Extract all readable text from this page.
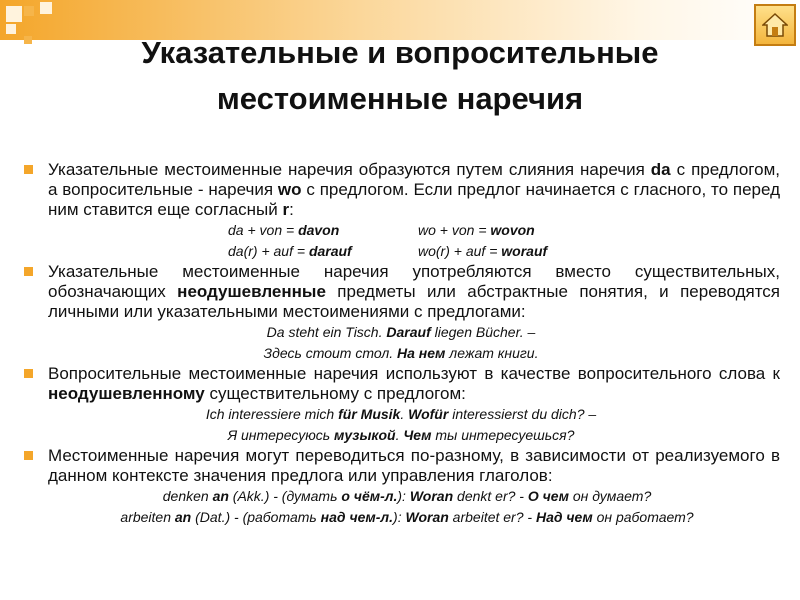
Указательные и вопросительные
местоименные наречия
Указательные местоименные наречия образуются путем слияния наречия da с предлогом, а вопросительные - наречия wo с предлогом. Если предлог начинается с гласного, то перед ним ставится еще согласный r:
da + von = davon	wo + von = wovon
da(r) + auf = darauf	wo(r) + auf = worauf
Указательные местоименные наречия употребляются вместо существительных, обозначающих неодушевленные предметы или абстрактные понятия, и переводятся личными или указательными местоимениями с предлогами:
Da steht ein Tisch. Darauf liegen Bücher. –
Здесь стоит стол. На нем лежат книги.
Вопросительные местоименные наречия используют в качестве вопросительного слова к неодушевленному существительному с предлогом:
Ich interessiere mich für Musik. Wofür interessierst du dich? –
Я интересуюсь музыкой. Чем ты интересуешься?
Местоименные наречия могут переводиться по-разному, в зависимости от реализуемого в данном контексте значения предлога или управления глаголов:
denken an (Akk.) - (думать о чём-л.): Woran denkt er? - О чем он думает?
arbeiten an (Dat.) - (работать над чем-л.): Woran arbeitet er? - Над чем он работает?
